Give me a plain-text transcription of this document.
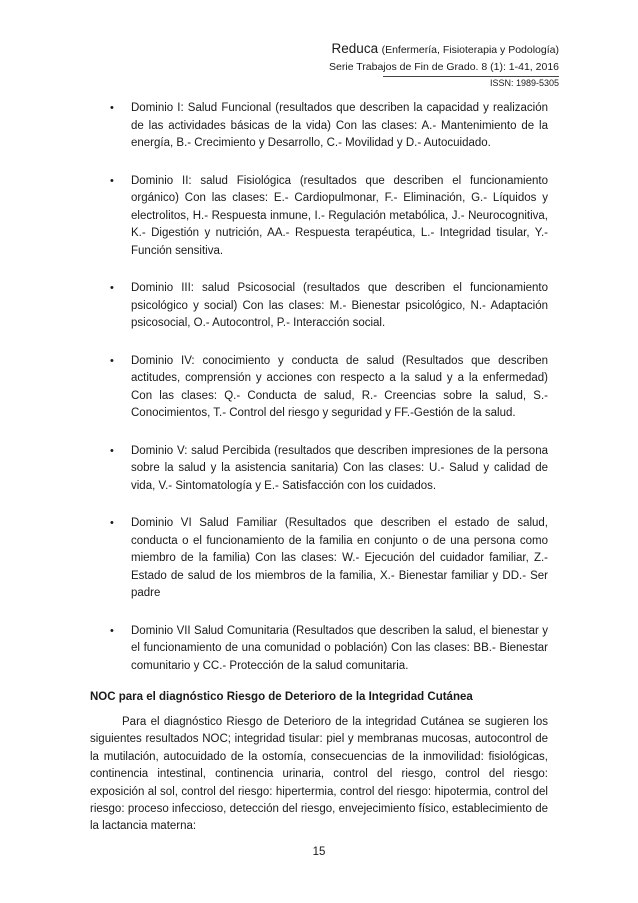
Reduca (Enfermería, Fisioterapia y Podología)
Serie Trabajos de Fin de Grado. 8 (1): 1-41, 2016
ISSN: 1989-5305
• Dominio I: Salud Funcional (resultados que describen la capacidad y realización de las actividades básicas de la vida) Con las clases: A.- Mantenimiento de la energía, B.- Crecimiento y Desarrollo, C.- Movilidad y D.- Autocuidado.
• Dominio II: salud Fisiológica (resultados que describen el funcionamiento orgánico) Con las clases: E.- Cardiopulmonar, F.- Eliminación, G.- Líquidos y electrolitos, H.- Respuesta inmune, I.- Regulación metabólica, J.- Neurocognitiva, K.- Digestión y nutrición, AA.- Respuesta terapéutica, L.- Integridad tisular, Y.- Función sensitiva.
• Dominio III: salud Psicosocial (resultados que describen el funcionamiento psicológico y social) Con las clases: M.- Bienestar psicológico, N.- Adaptación psicosocial, O.- Autocontrol, P.- Interacción social.
• Dominio IV: conocimiento y conducta de salud (Resultados que describen actitudes, comprensión y acciones con respecto a la salud y a la enfermedad) Con las clases: Q.- Conducta de salud, R.- Creencias sobre la salud, S.- Conocimientos, T.- Control del riesgo y seguridad y FF.-Gestión de la salud.
• Dominio V: salud Percibida (resultados que describen impresiones de la persona sobre la salud y la asistencia sanitaria) Con las clases: U.- Salud y calidad de vida, V.- Sintomatología y E.- Satisfacción con los cuidados.
• Dominio VI Salud Familiar (Resultados que describen el estado de salud, conducta o el funcionamiento de la familia en conjunto o de una persona como miembro de la familia) Con las clases: W.- Ejecución del cuidador familiar, Z.- Estado de salud de los miembros de la familia, X.- Bienestar familiar y DD.- Ser padre
• Dominio VII Salud Comunitaria (Resultados que describen la salud, el bienestar y el funcionamiento de una comunidad o población) Con las clases: BB.- Bienestar comunitario y CC.- Protección de la salud comunitaria.
NOC para el diagnóstico Riesgo de Deterioro de la Integridad Cutánea

Para el diagnóstico Riesgo de Deterioro de la integridad Cutánea se sugieren los siguientes resultados NOC; integridad tisular: piel y membranas mucosas, autocontrol de la mutilación, autocuidado de la ostomía, consecuencias de la inmovilidad: fisiológicas, continencia intestinal, continencia urinaria, control del riesgo, control del riesgo: exposición al sol, control del riesgo: hipertermia, control del riesgo: hipotermia, control del riesgo: proceso infeccioso, detección del riesgo, envejecimiento físico, establecimiento de la lactancia materna:

15
